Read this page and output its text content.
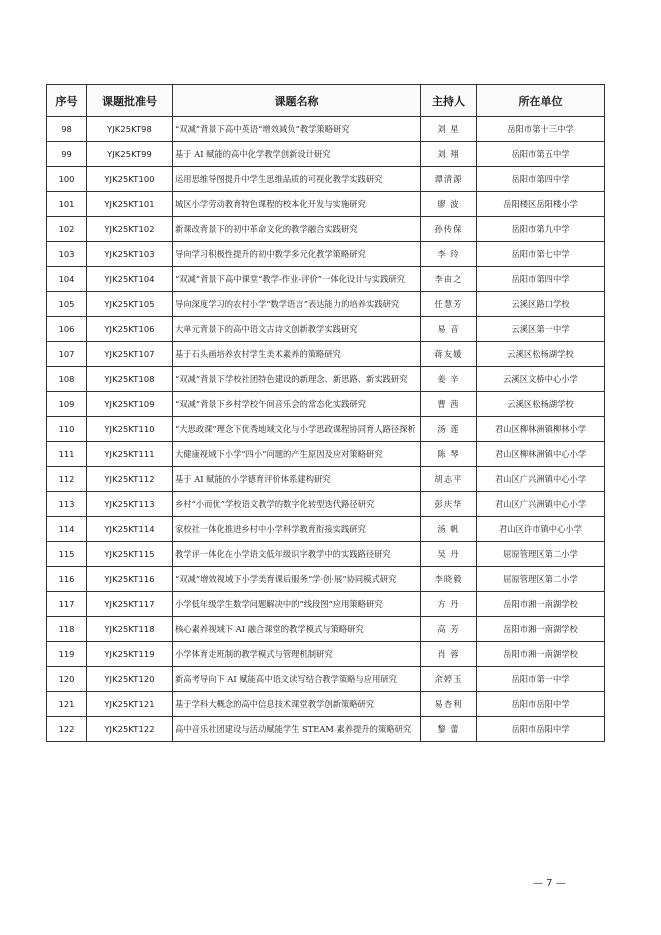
序号	课题批准号	课题名称	主持人	所在单位
98	YJK25KT98	“双减”背景下高中英语“增效减负”教学策略研究	刘 星	岳阳市第十三中学
99	YJK25KT99	基于 AI 赋能的高中化学教学创新设计研究	刘 翔	岳阳市第五中学
100	YJK25KT100	运用思维导图提升中学生思维品质的可视化教学实践研究	谭清源	岳阳市第四中学
101	YJK25KT101	城区小学劳动教育特色课程的校本化开发与实施研究	廖 波	岳阳楼区岳阳楼小学
102	YJK25KT102	新课改背景下的初中革命文化的教学融合实践研究	孙传保	岳阳市第九中学
103	YJK25KT103	导向学习积极性提升的初中数学多元化教学策略研究	李 玲	岳阳市第七中学
104	YJK25KT104	“双减”背景下高中课堂“教学-作业-评价”一体化设计与实践研究	李由之	岳阳市第四中学
105	YJK25KT105	导向深度学习的农村小学“数学语言”表达能力的培养实践研究	任慧芳	云溪区路口学校
106	YJK25KT106	大单元背景下的高中语文古诗文创新教学实践研究	易 音	云溪区第一中学
107	YJK25KT107	基于石头画培养农村学生美术素养的策略研究	蒋友媛	云溪区松杨湖学校
108	YJK25KT108	“双减”背景下学校社团特色建设的新理念、新思路、新实践研究	姜 辛	云溪区文桥中心小学
109	YJK25KT109	“双减”背景下乡村学校午间音乐会的常态化实践研究	曹 茜	云溪区松杨湖学校
110	YJK25KT110	“大思政课”理念下优秀地域文化与小学思政课程协同育人路径探析	汤 莲	君山区柳林洲镇柳林小学
111	YJK25KT111	大健康视域下小学“四小”问题的产生原因及应对策略研究	陈 琴	君山区柳林洲镇中心小学
112	YJK25KT112	基于 AI 赋能的小学德育评价体系建构研究	胡志平	君山区广兴洲镇中心小学
113	YJK25KT113	乡村“小而优”学校语文教学的数字化转型迭代路径研究	彭庆华	君山区广兴洲镇中心小学
114	YJK25KT114	家校社一体化推进乡村中小学科学教育衔接实践研究	汤 帆	君山区许市镇中心小学
115	YJK25KT115	教学评一体化在小学语文低年级识字教学中的实践路径研究	吴 丹	屈原管理区第二小学
116	YJK25KT116	“双减”增效视域下小学美育课后服务“学·创·展”协同模式研究	李晓毅	屈原管理区第二小学
117	YJK25KT117	小学低年级学生数学问题解决中的“线段图”应用策略研究	方 丹	岳阳市湘一南湖学校
118	YJK25KT118	核心素养视域下 AI 融合课堂的教学模式与策略研究	高 芳	岳阳市湘一南湖学校
119	YJK25KT119	小学体育走班制的教学模式与管理机制研究	肖 蓉	岳阳市湘一南湖学校
120	YJK25KT120	新高考导向下 AI 赋能高中语文读写结合教学策略与应用研究	余婷玉	岳阳市第一中学
121	YJK25KT121	基于学科大概念的高中信息技术课堂教学创新策略研究	易杏利	岳阳市岳阳中学
122	YJK25KT122	高中音乐社团建设与活动赋能学生 STEAM 素养提升的策略研究	黎 蕾	岳阳市岳阳中学
— 7 —
